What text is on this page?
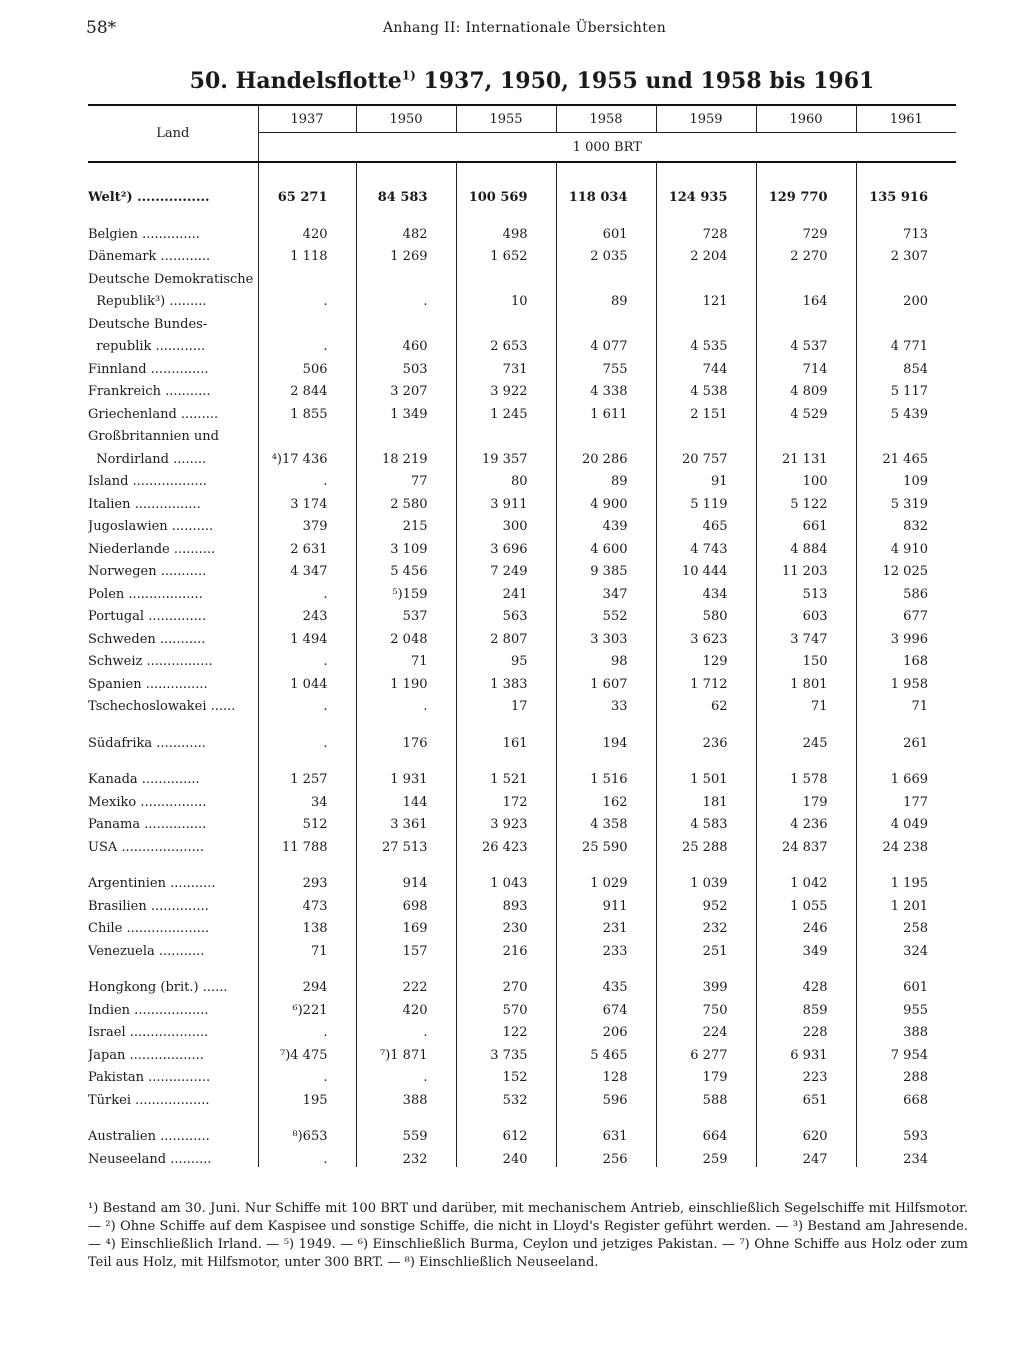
58*	Anhang II: Internationale Übersichten
50. Handelsflotte$^{1)}$ 1937, 1950, 1955 und 1958 bis 1961
Land	1937	1950	1955	1958	1959	1960	1961
	1 000 BRT						
Welt²) ................	65 271	84 583	100 569	118 034	124 935	129 770	135 916

Belgien ..............	420	482	498	601	728	729	713
Dänemark ............	1 118	1 269	1 652	2 035	2 204	2 270	2 307
Deutsche Demokratische							
Republik³) .........	.	.	10	89	121	164	200
Deutsche Bundes-							
republik ............	.	460	2 653	4 077	4 535	4 537	4 771
Finnland ..............	506	503	731	755	744	714	854
Frankreich ...........	2 844	3 207	3 922	4 338	4 538	4 809	5 117
Griechenland .........	1 855	1 349	1 245	1 611	2 151	4 529	5 439
Großbritannien und							
Nordirland ........	⁴)17 436	18 219	19 357	20 286	20 757	21 131	21 465
Island ..................	.	77	80	89	91	100	109
Italien ................	3 174	2 580	3 911	4 900	5 119	5 122	5 319
Jugoslawien ..........	379	215	300	439	465	661	832
Niederlande ..........	2 631	3 109	3 696	4 600	4 743	4 884	4 910
Norwegen ...........	4 347	5 456	7 249	9 385	10 444	11 203	12 025
Polen ..................	.	⁵)159	241	347	434	513	586
Portugal ..............	243	537	563	552	580	603	677
Schweden ...........	1 494	2 048	2 807	3 303	3 623	3 747	3 996
Schweiz ................	.	71	95	98	129	150	168
Spanien ...............	1 044	1 190	1 383	1 607	1 712	1 801	1 958
Tschechoslowakei ......	.	.	17	33	62	71	71

Südafrika ............	.	176	161	194	236	245	261

Kanada ..............	1 257	1 931	1 521	1 516	1 501	1 578	1 669
Mexiko ................	34	144	172	162	181	179	177
Panama ...............	512	3 361	3 923	4 358	4 583	4 236	4 049
USA ....................	11 788	27 513	26 423	25 590	25 288	24 837	24 238

Argentinien ...........	293	914	1 043	1 029	1 039	1 042	1 195
Brasilien ..............	473	698	893	911	952	1 055	1 201
Chile ....................	138	169	230	231	232	246	258
Venezuela ...........	71	157	216	233	251	349	324

Hongkong (brit.) ......	294	222	270	435	399	428	601
Indien ..................	⁶)221	420	570	674	750	859	955
Israel ...................	.	.	122	206	224	228	388
Japan ..................	⁷)4 475	⁷)1 871	3 735	5 465	6 277	6 931	7 954
Pakistan ...............	.	.	152	128	179	223	288
Türkei ..................	195	388	532	596	588	651	668

Australien ............	⁸)653	559	612	631	664	620	593
Neuseeland ..........	.	232	240	256	259	247	234
¹) Bestand am 30. Juni. Nur Schiffe mit 100 BRT und darüber, mit mechanischem Antrieb, einschließlich Segelschiffe mit Hilfsmotor. — ²) Ohne Schiffe auf dem Kaspisee und sonstige Schiffe, die nicht in Lloyd's Register geführt werden. — ³) Bestand am Jahresende. — ⁴) Einschließlich Irland. — ⁵) 1949. — ⁶) Einschließlich Burma, Ceylon und jetziges Pakistan. — ⁷) Ohne Schiffe aus Holz oder zum Teil aus Holz, mit Hilfsmotor, unter 300 BRT. — ⁸) Einschließlich Neuseeland.
